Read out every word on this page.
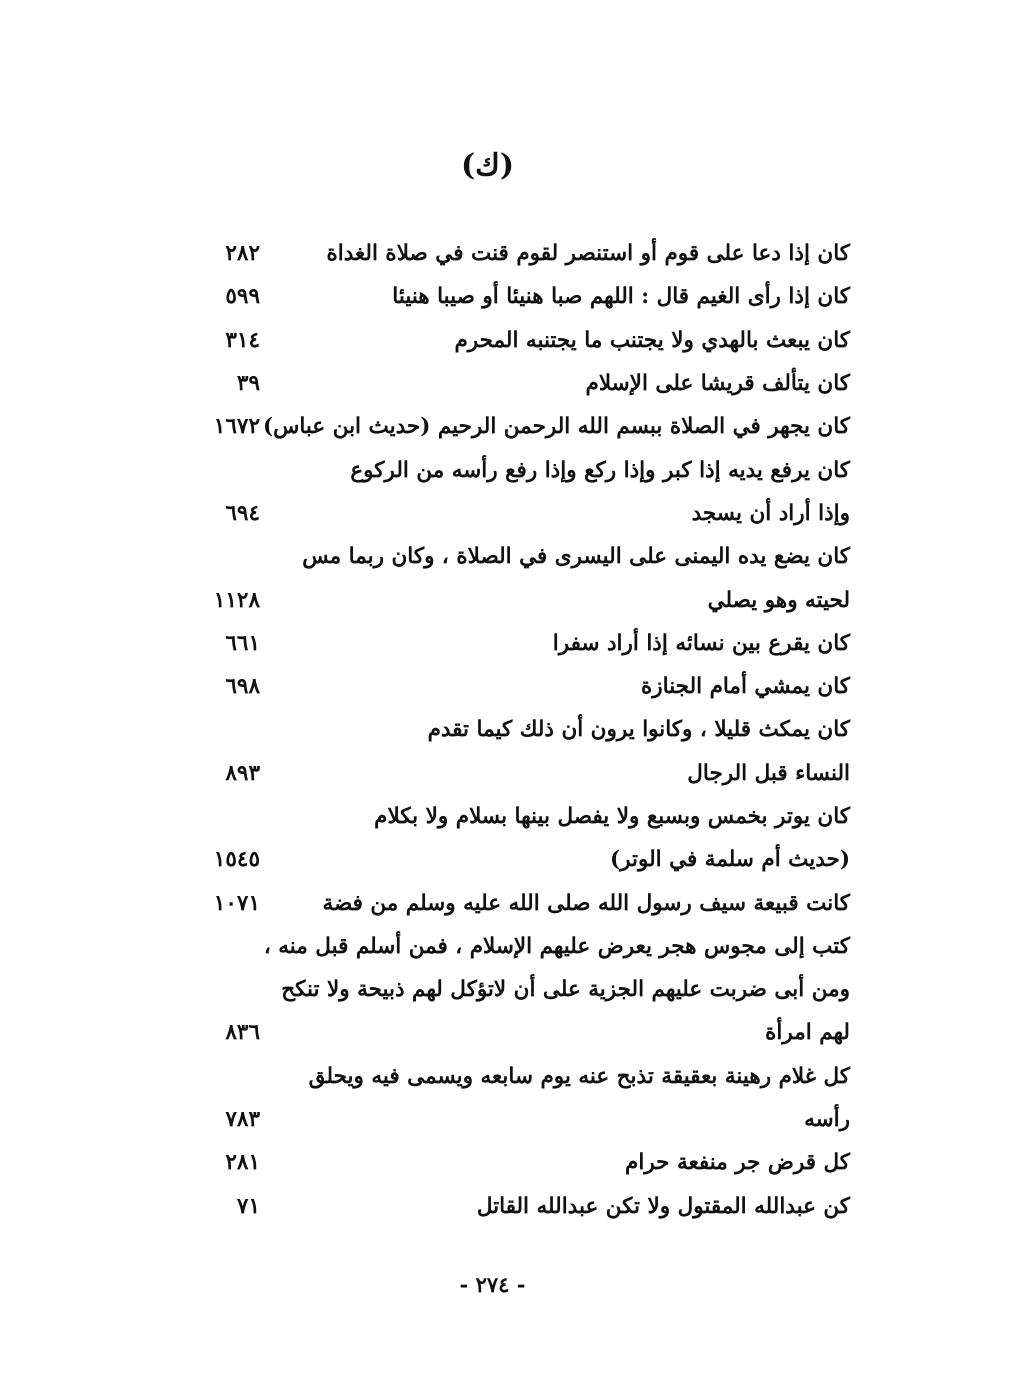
(ك)
كان إذا دعا على قوم أو استنصر لقوم قنت في صلاة الغداة
٢٨٢
كان إذا رأى الغيم قال : اللهم صبا هنيئا أو صيبا هنيئا
٥٩٩
كان يبعث بالهدي ولا يجتنب ما يجتنبه المحرم
٣١٤
كان يتألف قريشا على الإسلام
٣٩
كان يجهر في الصلاة ببسم الله الرحمن الرحيم (حديث ابن عباس)
١٦٧٢
كان يرفع يديه إذا كبر وإذا ركع وإذا رفع رأسه من الركوع
وإذا أراد أن يسجد
٦٩٤
كان يضع يده اليمنى على اليسرى في الصلاة ، وكان ربما مس
لحيته وهو يصلي
١١٢٨
كان يقرع بين نسائه إذا أراد سفرا
٦٦١
كان يمشي أمام الجنازة
٦٩٨
كان يمكث قليلا ، وكانوا يرون أن ذلك كيما تقدم
النساء قبل الرجال
٨٩٣
كان يوتر بخمس وبسبع ولا يفصل بينها بسلام ولا بكلام
(حديث أم سلمة في الوتر)
١٥٤٥
كانت قبيعة سيف رسول الله صلى الله عليه وسلم من فضة
١٠٧١
كتب إلى مجوس هجر يعرض عليهم الإسلام ، فمن أسلم قبل منه ،
ومن أبى ضربت عليهم الجزية على أن لاتؤكل لهم ذبيحة ولا تنكح
لهم امرأة
٨٣٦
كل غلام رهينة بعقيقة تذبح عنه يوم سابعه ويسمى فيه ويحلق
رأسه
٧٨٣
كل قرض جر منفعة حرام
٢٨١
كن عبدالله المقتول ولا تكن عبدالله القاتل
٧١
- ٢٧٤ -
